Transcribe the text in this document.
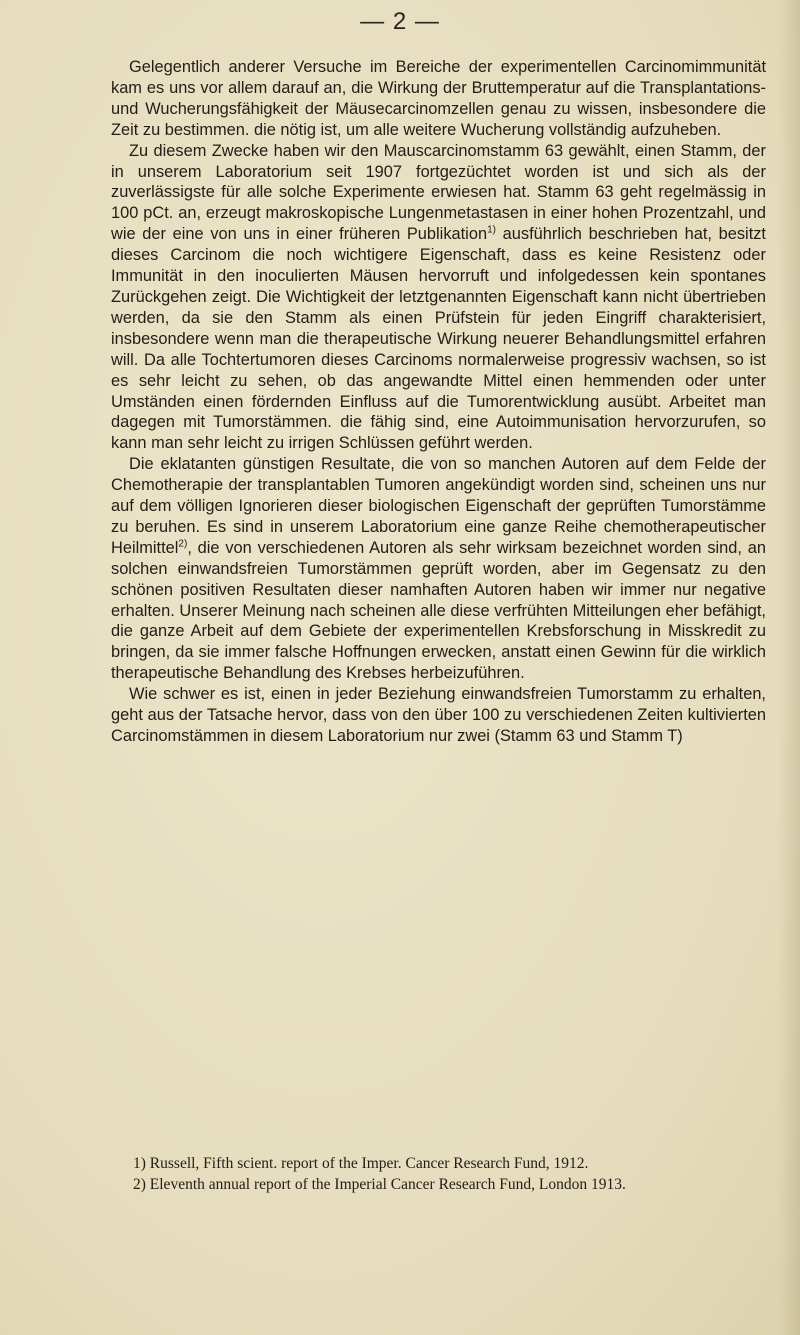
— 2 —

Gelegentlich anderer Versuche im Bereiche der experimentellen Carcinomimmunität kam es uns vor allem darauf an, die Wirkung der Bruttemperatur auf die Transplantations- und Wucherungsfähigkeit der Mäusecarcinomzellen genau zu wissen, insbesondere die Zeit zu bestimmen. die nötig ist, um alle weitere Wucherung vollständig aufzuheben.

Zu diesem Zwecke haben wir den Mauscarcinomstamm 63 gewählt, einen Stamm, der in unserem Laboratorium seit 1907 fortgezüchtet worden ist und sich als der zuverlässigste für alle solche Experimente erwiesen hat. Stamm 63 geht regelmässig in 100 pCt. an, erzeugt makroskopische Lungenmetastasen in einer hohen Prozentzahl, und wie der eine von uns in einer früheren Publikation$^{1)}$ ausführlich beschrieben hat, besitzt dieses Carcinom die noch wichtigere Eigenschaft, dass es keine Resistenz oder Immunität in den inoculierten Mäusen hervorruft und infolgedessen kein spontanes Zurückgehen zeigt. Die Wichtigkeit der letztgenannten Eigenschaft kann nicht übertrieben werden, da sie den Stamm als einen Prüfstein für jeden Eingriff charakterisiert, insbesondere wenn man die therapeutische Wirkung neuerer Behandlungsmittel erfahren will. Da alle Tochtertumoren dieses Carcinoms normalerweise progressiv wachsen, so ist es sehr leicht zu sehen, ob das angewandte Mittel einen hemmenden oder unter Umständen einen fördernden Einfluss auf die Tumorentwicklung ausübt. Arbeitet man dagegen mit Tumorstämmen. die fähig sind, eine Autoimmunisation hervorzurufen, so kann man sehr leicht zu irrigen Schlüssen geführt werden.

Die eklatanten günstigen Resultate, die von so manchen Autoren auf dem Felde der Chemotherapie der transplantablen Tumoren angekündigt worden sind, scheinen uns nur auf dem völligen Ignorieren dieser biologischen Eigenschaft der geprüften Tumorstämme zu beruhen. Es sind in unserem Laboratorium eine ganze Reihe chemotherapeutischer Heilmittel$^{2)}$, die von verschiedenen Autoren als sehr wirksam bezeichnet worden sind, an solchen einwandsfreien Tumorstämmen geprüft worden, aber im Gegensatz zu den schönen positiven Resultaten dieser namhaften Autoren haben wir immer nur negative erhalten. Unserer Meinung nach scheinen alle diese verfrühten Mitteilungen eher befähigt, die ganze Arbeit auf dem Gebiete der experimentellen Krebsforschung in Misskredit zu bringen, da sie immer falsche Hoffnungen erwecken, anstatt einen Gewinn für die wirklich therapeutische Behandlung des Krebses herbeizuführen.

Wie schwer es ist, einen in jeder Beziehung einwandsfreien Tumorstamm zu erhalten, geht aus der Tatsache hervor, dass von den über 100 zu verschiedenen Zeiten kultivierten Carcinomstämmen in diesem Laboratorium nur zwei (Stamm 63 und Stamm T)

1) Russell, Fifth scient. report of the Imper. Cancer Research Fund, 1912.

2) Eleventh annual report of the Imperial Cancer Research Fund, London 1913.
